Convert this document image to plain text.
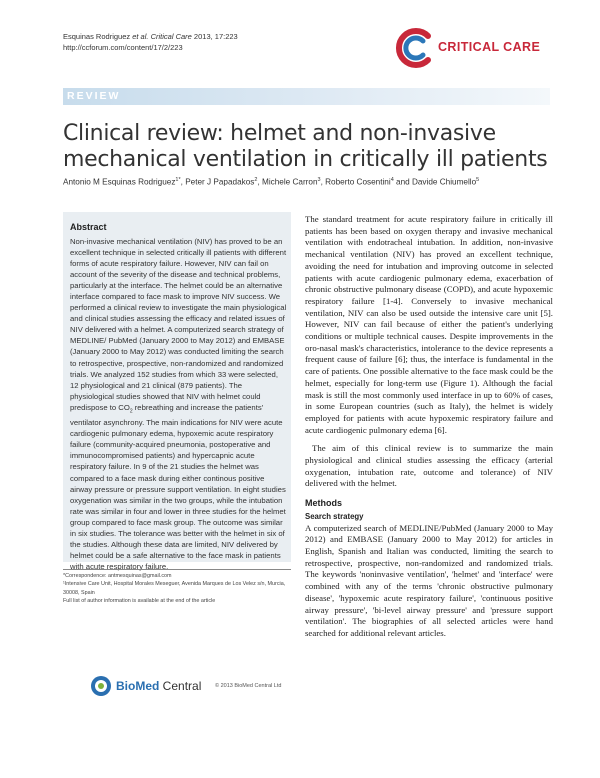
Esquinas Rodriguez et al. Critical Care 2013, 17:223
http://ccforum.com/content/17/2/223	CRITICAL CARE
REVIEW
Clinical review: helmet and non-invasive mechanical ventilation in critically ill patients
Antonio M Esquinas Rodriguez$^{1*}$, Peter J Papadakos$^2$, Michele Carron$^3$, Roberto Cosentini$^4$ and Davide Chiumello$^5$
Abstract

Non-invasive mechanical ventilation (NIV) has proved to be an excellent technique in selected critically ill patients with different forms of acute respiratory failure. However, NIV can fail on account of the severity of the disease and technical problems, particularly at the interface. The helmet could be an alternative interface compared to face mask to improve NIV success. We performed a clinical review to investigate the main physiological and clinical studies assessing the efficacy and related issues of NIV delivered with a helmet. A computerized search strategy of MEDLINE/ PubMed (January 2000 to May 2012) and EMBASE (January 2000 to May 2012) was conducted limiting the search to retrospective, prospective, non-randomized and randomized trials. We analyzed 152 studies from which 33 were selected, 12 physiological and 21 clinical (879 patients). The physiological studies showed that NIV with helmet could predispose to $CO_2$ rebreathing and increase the patients' ventilator asynchrony. The main indications for NIV were acute cardiogenic pulmonary edema, hypoxemic acute respiratory failure (community-acquired pneumonia, postoperative and immunocompromised patients) and hypercapnic acute respiratory failure. In 9 of the 21 studies the helmet was compared to a face mask during either continous positive airway pressure or pressure support ventilation. In eight studies oxygenation was similar in the two groups, while the intubation rate was similar in four and lower in three studies for the helmet group compared to face mask group. The outcome was similar in six studies. The tolerance was better with the helmet in six of the studies. Although these data are limited, NIV delivered by helmet could be a safe alternative to the face mask in patients with acute respiratory failure.

*Correspondence: antmesquinas@gmail.com

¹Intensive Care Unit, Hospital Morales Meseguer, Avenida Marques de Los Velez s/n, Murcia, 30008, Spain

Full list of author information is available at the end of the article

BioMed Central © 2013 BioMed Central Ltd

The standard treatment for acute respiratory failure in critically ill patients has been based on oxygen therapy and invasive mechanical ventilation with endotracheal intubation. In addition, non-invasive mechanical ventilation (NIV) has proved an excellent technique, avoiding the need for intubation and improving outcome in selected patients with acute cardiogenic pulmonary edema, exacerbation of chronic obstructive pulmonary disease (COPD), and acute hypoxemic respiratory failure [1-4]. Conversely to invasive mechanical ventilation, NIV can also be used outside the intensive care unit [5]. However, NIV can fail because of either the patient's underlying conditions or multiple technical causes. Despite improvements in the oro-nasal mask's characteristics, intolerance to the device represents a frequent cause of failure [6]; thus, the interface is fundamental in the care of patients. One possible alternative to the face mask could be the helmet, especially for long-term use (Figure 1). Although the facial mask is still the most commonly used interface in up to 60% of cases, in some European countries (such as Italy), the helmet is widely employed for patients with acute hypoxemic respiratory failure and acute cardiogenic pulmonary edema [6].

The aim of this clinical review is to summarize the main physiological and clinical studies assessing the efficacy (arterial oxygenation, intubation rate, outcome and tolerance) of NIV delivered with the helmet.

Methods
Search strategy

A computerized search of MEDLINE/PubMed (January 2000 to May 2012) and EMBASE (January 2000 to May 2012) for articles in English, Spanish and Italian was conducted, limiting the search to retrospective, prospective, non-randomized and randomized trials. The keywords 'noninvasive ventilation', 'helmet' and 'interface' were combined with any of the terms 'chronic obstructive pulmonary disease', 'hypoxemic acute respiratory failure', 'continuous positive airway pressure', 'bi-level airway pressure' and 'pressure support ventilation'. The biographies of all selected articles were hand searched for additional relevant articles.
